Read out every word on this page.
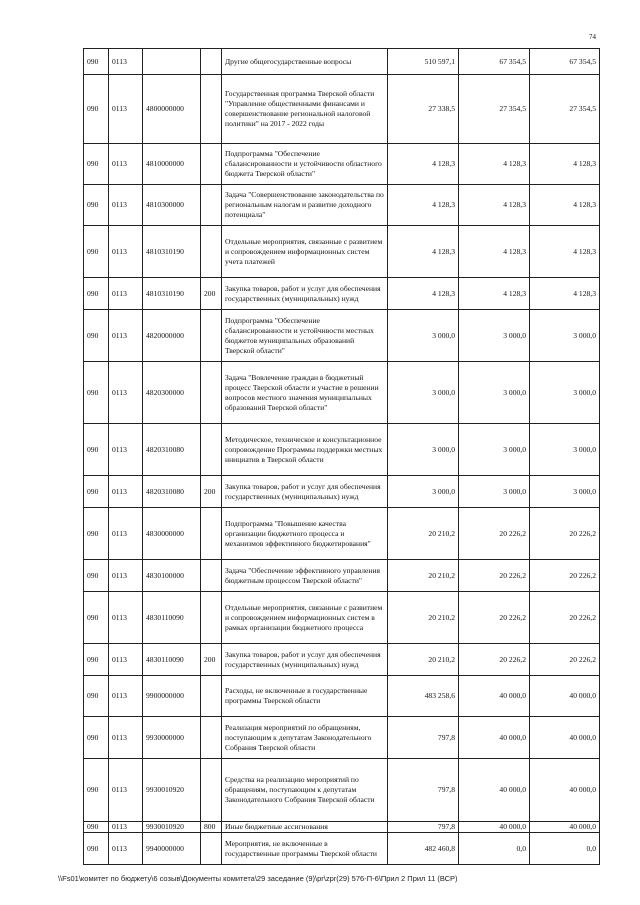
74
090	0113			Другие общегосударственные вопросы	510 597,1	67 354,5	67 354,5
090	0113	4800000000		Государственная программа Тверской области "Управление общественными финансами и совершенствование региональной налоговой политики" на 2017 - 2022 годы	27 338,5	27 354,5	27 354,5
090	0113	4810000000		Подпрограмма "Обеспечение сбалансированности и устойчивости областного бюджета Тверской области"	4 128,3	4 128,3	4 128,3
090	0113	4810300000		Задача "Совершенствование законодательства по региональным налогам и развитие доходного потенциала"	4 128,3	4 128,3	4 128,3
090	0113	4810310190		Отдельные мероприятия, связанные с развитием и сопровождением информационных систем учета платежей	4 128,3	4 128,3	4 128,3
090	0113	4810310190	200	Закупка товаров, работ и услуг для обеспечения государственных (муниципальных) нужд	4 128,3	4 128,3	4 128,3
090	0113	4820000000		Подпрограмма "Обеспечение сбалансированности и устойчивости местных бюджетов муниципальных образований Тверской области"	3 000,0	3 000,0	3 000,0
090	0113	4820300000		Задача "Вовлечение граждан в бюджетный процесс Тверской области и участие в решении вопросов местного значения муниципальных образований Тверской области"	3 000,0	3 000,0	3 000,0
090	0113	4820310080		Методическое, техническое и консультационное сопровождение Программы поддержки местных инициатив в Тверской области	3 000,0	3 000,0	3 000,0
090	0113	4820310080	200	Закупка товаров, работ и услуг для обеспечения государственных (муниципальных) нужд	3 000,0	3 000,0	3 000,0
090	0113	4830000000		Подпрограмма "Повышение качества организации бюджетного процесса и механизмов эффективного бюджетирования"	20 210,2	20 226,2	20 226,2
090	0113	4830100000		Задача "Обеспечение эффективного управления бюджетным процессом Тверской области"	20 210,2	20 226,2	20 226,2
090	0113	4830110090		Отдельные мероприятия, связанные с развитием и сопровождением информационных систем в рамках организации бюджетного процесса	20 210,2	20 226,2	20 226,2
090	0113	4830110090	200	Закупка товаров, работ и услуг для обеспечения государственных (муниципальных) нужд	20 210,2	20 226,2	20 226,2
090	0113	9900000000		Расходы, не включенные в государственные программы Тверской области	483 258,6	40 000,0	40 000,0
090	0113	9930000000		Реализация мероприятий по обращениям, поступающим к депутатам Законодательного Собрания Тверской области	797,8	40 000,0	40 000,0
090	0113	9930010920		Средства на реализацию мероприятий по обращениям, поступающим к депутатам Законодательного Собрания Тверской области	797,8	40 000,0	40 000,0
090	0113	9930010920	800	Иные бюджетные ассигнования	797,8	40 000,0	40 000,0
090	0113	9940000000		Мероприятия, не включенные в государственные программы Тверской области	482 460,8	0,0	0,0
\\Fs01\комитет по бюджету\6 созыв\Документы комитета\29 заседание (9)\pr\zpr(29) 576-П-6\Прил 2 Прил 11 (ВСР)
